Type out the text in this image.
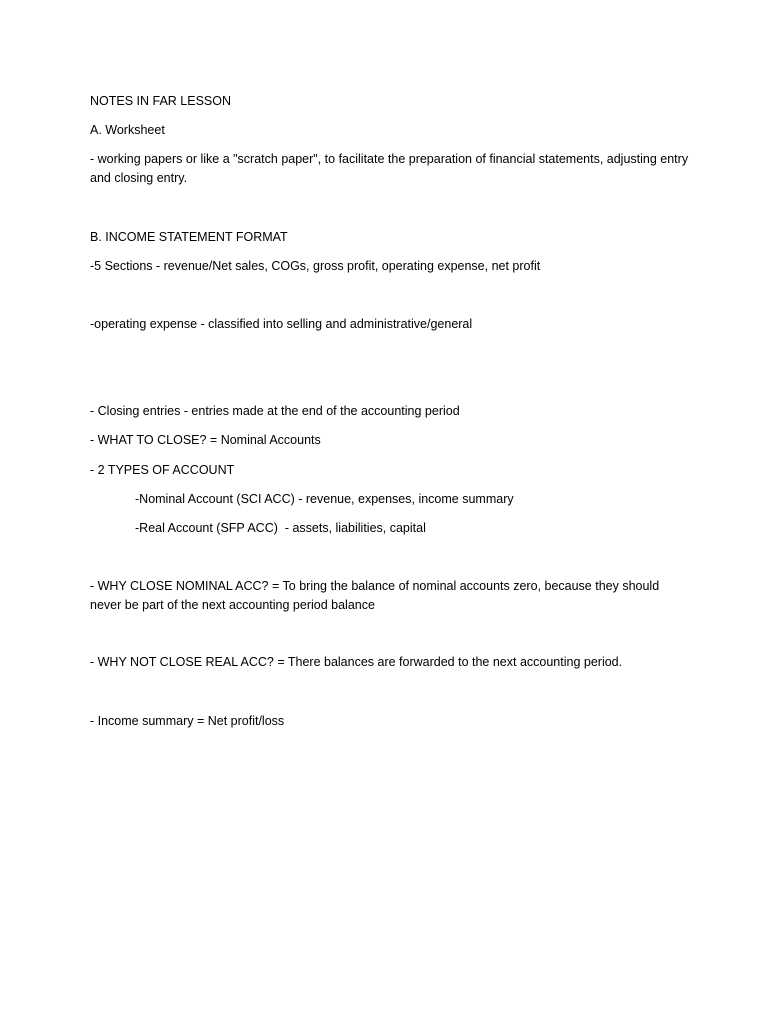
NOTES IN FAR LESSON
A. Worksheet
- working papers or like a "scratch paper", to facilitate the preparation of financial statements, adjusting entry and closing entry.
B. INCOME STATEMENT FORMAT
-5 Sections - revenue/Net sales, COGs, gross profit, operating expense, net profit
-operating expense - classified into selling and administrative/general
- Closing entries - entries made at the end of the accounting period
- WHAT TO CLOSE? = Nominal Accounts
- 2 TYPES OF ACCOUNT
-Nominal Account (SCI ACC) - revenue, expenses, income summary
-Real Account (SFP ACC)  - assets, liabilities, capital
- WHY CLOSE NOMINAL ACC? = To bring the balance of nominal accounts zero, because they should never be part of the next accounting period balance
- WHY NOT CLOSE REAL ACC? = There balances are forwarded to the next accounting period.
- Income summary = Net profit/loss
